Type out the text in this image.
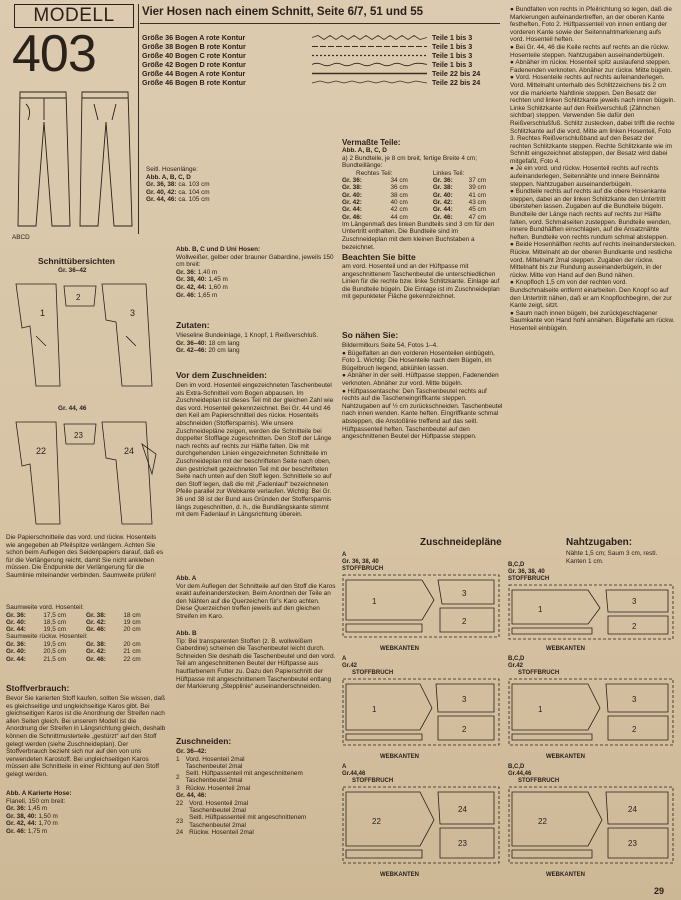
MODELL
403
Vier Hosen nach einem Schnitt, Seite 6/7, 51 und 55
Größe 36 Bogen A rote Kontur	Teile 1 bis 3
Größe 38 Bogen B rote Kontur	Teile 1 bis 3
Größe 40 Bogen C rote Kontur	Teile 1 bis 3
Größe 42 Bogen D rote Kontur	Teile 1 bis 3
Größe 44 Bogen A rote Kontur	Teile 22 bis 24
Größe 46 Bogen B rote Kontur	Teile 22 bis 24
ABCD
Seitl. Hosenlänge:
Abb. A, B, C, D
Gr. 36, 38: ca. 103 cm
Gr. 40, 42: ca. 104 cm
Gr. 44, 46: ca. 105 cm
Schnittübersichten
Gr. 36–42
1
2
3
Gr. 44, 46
22
23
24
Die Papierschnitteile das vord. und rückw. Hosenteils wie angegeben ab Pfeilspitze verlängern. Achten Sie schon beim Auflegen des Seidenpapiers darauf, daß es für die Verlängerung reicht, damit Sie nicht ankleben müssen. Die Endpunkte der Verlängerung für die Saumlinie miteinander verbinden. Saumweite prüfen!
Saumweite vord. Hosenteil:
Gr. 36:	17,5 cm	Gr. 38:	18 cm
Gr. 40:	18,5 cm	Gr. 42:	19 cm
Gr. 44:	19,5 cm	Gr. 46:	20 cm
Saumweite rückw. Hosenteil:
Gr. 36:	19,5 cm	Gr. 38:	20 cm
Gr. 40:	20,5 cm	Gr. 42:	21 cm
Gr. 44:	21,5 cm	Gr. 46:	22 cm
Stoffverbrauch:
Bevor Sie karierten Stoff kaufen, sollten Sie wissen, daß es gleichseitige und ungleichseitige Karos gibt. Bei gleichseitigen Karos ist die Anordnung der Streifen nach allen Seiten gleich. Bei unserem Modell ist die Anordnung der Streifen in Längsrichtung gleich, deshalb können die Schnittmusterteile „gestürzt“ auf den Stoff gelegt werden (siehe Zuschneideplan). Der Stoffverbrauch bezieht sich nur auf den von uns verwendeten Karostoff. Bei ungleichseitigen Karos müssen alle Schnitteile in einer Richtung auf den Stoff gelegt werden.
Abb. A Karierte Hose:
Flanell, 150 cm breit:
Gr. 36: 1,45 m
Gr. 38, 40: 1,50 m
Gr. 42, 44: 1,70 m
Gr. 46: 1,75 m
Abb. B, C und D Uni Hosen:
Wollweißer, gelber oder brauner Gabardine, jeweils 150 cm breit:
Gr. 36: 1,40 m
Gr. 38, 40: 1,45 m
Gr. 42, 44: 1,60 m
Gr. 46: 1,65 m
Zutaten:
Vlieseline Bundeinlage, 1 Knopf, 1 Reißverschluß.
Gr. 36–40: 18 cm lang
Gr. 42–46: 20 cm lang
Vor dem Zuschneiden:
Den im vord. Hosenteil eingezeichneten Taschenbeutel als Extra-Schnitteil vom Bogen abpausen. Im Zuschneideplan ist dieses Teil mit der gleichen Zahl wie das vord. Hosenteil gekennzeichnet. Bei Gr. 44 und 46 den Keil am Papierschnitteil des rückw. Hosenteils abschneiden (Stoffersparnis). Wie unsere Zuschneidepläne zeigen, werden die Schnitteile bei doppelter Stofflage zugeschnitten. Den Stoff der Länge nach rechts auf rechts zur Hälfte falten. Die mit durchgehenden Linien eingezeichneten Schnitteile im Zuschneideplan mit der beschrifteten Seite nach oben, den gestrichelt gezeichneten Teil mit der beschrifteten Seite nach unten auf den Stoff legen. Schnitteile so auf den Stoff legen, daß die mit „Fadenlauf“ bezeichneten Pfeile parallel zur Webkante verlaufen. Wichtig: Bei Gr. 36 und 38 ist der Bund aus Gründen der Stoffersparnis längs zugeschnitten, d. h., die Bundlängskante stimmt mit dem Fadenlauf in Längsrichtung überein.
Abb. A
Vor dem Auflegen der Schnitteile auf den Stoff die Karos exakt aufeinanderstecken. Beim Anordnen der Teile an den Nähten auf die Querzeichen für's Karo achten. Diese Querzeichen treffen jeweils auf den gleichen Streifen im Karo.
Abb. B
Tip: Bei transparenten Stoffen (z. B. wollweißem Gaberdine) scheinen die Taschenbeutel leicht durch. Schneiden Sie deshalb die Taschenbeutel und den vord. Teil am angeschnittenen Beutel der Hüftpasse aus hautfarbenem Futter zu. Dazu den Papierschnitt der Hüftpasse mit angeschnittenem Taschenbeutel entlang der Markierung „Stepplinie“ auseinanderschneiden.
Zuschneiden:
Gr. 36–42:
1	Vord. Hosenteil 2mal
	Taschenbeutel 2mal
2	Seitl. Hüftpassenteil mit angeschnittenem Taschenbeutel 2mal
3	Rückw. Hosenteil 2mal
Gr. 44, 46:
22	Vord. Hosenteil 2mal
	Taschenbeutel 2mal
23	Seitl. Hüftpassenteil mit angeschnittenem Taschenbeutel 2mal
24	Rückw. Hosenteil 2mal
Vermaßte Teile:
Abb. A, B, C, D
a) 2 Bundteile, je 8 cm breit, fertige Breite 4 cm; Bundteillänge:
Rechtes Teil:		Linkes Teil:	
Gr. 36:	34 cm	Gr. 36:	37 cm
Gr. 38:	36 cm	Gr. 38:	39 cm
Gr. 40:	38 cm	Gr. 40:	41 cm
Gr. 42:	40 cm	Gr. 42:	43 cm
Gr. 44:	42 cm	Gr. 44:	45 cm
Gr. 46:	44 cm	Gr. 46:	47 cm
Im Längenmaß des linken Bundteils sind 3 cm für den Untertritt enthalten. Die Bundteile sind im Zuschneideplan mit dem kleinen Buchstaben a bezeichnet.
Beachten Sie bitte
am vord. Hosenteil und an der Hüftpasse mit angeschnittenem Taschenbeutel die unterschiedlichen Linien für die rechte bzw. linke Schlitzkante. Einlage auf die Bundteile bügeln. Die Einlage ist im Zuschneideplan mit gepunkteter Fläche gekennzeichnet.
So nähen Sie:
Bildermitkurs Seite 54, Fotos 1–4.
● Bügelfalten an den vorderen Hosenteilen einbügeln, Foto 1. Wichtig: Die Hosenteile nach dem Bügeln, im Bügelbruch liegend, abkühlen lassen.
● Abnäher in der seitl. Hüftpasse steppen, Fadenenden verknoten. Abnäher zur vord. Mitte bügeln.
● Hüftpassentasche: Den Taschenbeutel rechts auf rechts auf die Tascheneingriffkante steppen. Nahtzugaben auf ½ cm zurückschneiden. Taschenbeutel nach innen wenden. Kante heften. Eingriffkante schmal absteppen, die Anstoßlinie treffend auf das seitl. Hüftpassenteil heften. Taschenbeutel auf den angeschnittenen Beutel der Hüftpasse steppen.
● Bundfalten von rechts in Pfeilrichtung so legen, daß die Markierungen aufeinandertreffen, an der oberen Kante festheften, Foto 2. Hüftpassenteil von innen entlang der vorderen Kante sowie der Seitennahtmarkierung aufs vord. Hosenteil heften.
● Bei Gr. 44, 46 die Keile rechts auf rechts an die rückw. Hosenteile steppen. Nahtzugaben auseinanderbügeln.
● Abnäher im rückw. Hosenteil spitz auslaufend steppen. Fadenenden verknoten. Abnäher zur rückw. Mitte bügeln.
● Vord. Hosenteile rechts auf rechts aufeinanderlegen. Vord. Mittelnaht unterhalb des Schlitzzeichens bis 2 cm vor die markierte Nahtlinie steppen. Den Besatz der rechten und linken Schlitzkante jeweils nach innen bügeln. Linke Schlitzkante auf den Reißverschluß (Zähnchen sichtbar) steppen. Verwenden Sie dafür den Reißverschlußfuß. Schlitz zustecken, dabei trifft die rechte Schlitzkante auf die vord. Mitte am linken Hosenteil, Foto 3. Rechtes Reißverschlußband auf den Besatz der rechten Schlitzkante steppen. Rechte Schlitzkante wie im Schnitt eingezeichnet absteppen, der Besatz wird dabei mitgefaßt, Foto 4.
● Je ein vord. und rückw. Hosenteil rechts auf rechts aufeinanderlegen, Seitennähte und innere Beinnähte steppen. Nahtzugaben auseinanderbügeln.
● Bundteile rechts auf rechts auf die obere Hosenkante steppen, dabei an der linken Schlitzkante den Untertritt überstehen lassen. Zugaben auf die Bundteile bügeln. Bundteile der Länge nach rechts auf rechts zur Hälfte falten, vord. Schmalseiten zusteppen. Bundteile wenden, innere Bundhälften einschlagen, auf die Ansatznähte heften. Bundteile von rechts rundum schmal absteppen.
● Beide Hosenhälften rechts auf rechts ineinanderstecken. Rückw. Mittelnaht ab der oberen Bundkante und restliche vord. Mittelnaht 2mal steppen. Zugaben der rückw. Mittelnaht bis zur Rundung auseinanderbügeln, in der rückw. Mitte von Hand auf den Bund nähen.
● Knopfloch 1,5 cm von der rechten vord. Bundschmalseite entfernt einarbeiten. Den Knopf so auf den Untertritt nähen, daß er am Knopflochbeginn, der zur Kante zeigt, sitzt.
● Saum nach innen bügeln, bei zurückgeschlagener Saumkante von Hand hohl annähen. Bügelfalte am rückw. Hosenteil einbügeln.
Zuschneidepläne	Nahtzugaben:
Nähte 1,5 cm; Saum 3 cm, restl. Kanten 1 cm.
A
Gr. 36, 38, 40
STOFFBRUCH
1
3
2
WEBKANTEN
A
Gr.42
STOFFBRUCH
1
3
2
WEBKANTEN
A
Gr.44,46
STOFFBRUCH
22
24
23
WEBKANTEN
B,C,D
Gr. 36, 38, 40
STOFFBRUCH
1
3
2
WEBKANTEN
B,C,D
Gr.42
STOFFBRUCH
1
3
2
WEBKANTEN
B,C,D
Gr.44,46
STOFFBRUCH
22
24
23
WEBKANTEN
29
